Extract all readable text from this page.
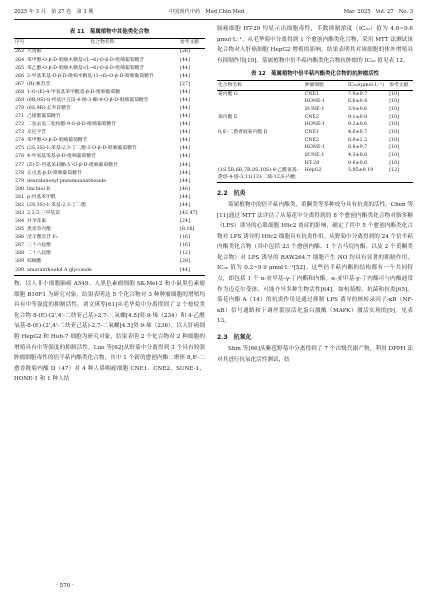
2025 年 3 月　第 27 卷　第 3 期	中国现代中药　Mod Chin Med	Mar. 2025　Vol. 27　No. 3
表 11　菊属植物中其他类化合物
序号	化合物名称	参考文献
263	大黄酚	[26]
264	苯甲醇-O-β-D-吡喃木糖基-(1→6)-O-β-D-吡喃葡萄糖苷	[44]
265	苯乙醇-O-β-D-吡喃木糖基-(1→6)-O-β-D-吡喃葡萄糖苷	[44]
266	2-甲基苯基-O-β-D-吡喃木糖基-(1→6)-O-β-D-吡喃葡萄糖苷	[44]
267	(R)-紫苏苷	[27]
268	1-O-(E)-4-甲氧基苯甲酰基-β-D-吡喃葡萄糖	[44]
269	(6R,9S)-8-羟基巨豆甾-4-烯-3-酮-9-O-β-D-吡喃葡萄糖苷	[44]
270	(6S,9R)-长寿花糖苷	[44]
271	己烯醛葡萄糖苷	[44]
272	二氢去氢二松柏醇-9-O-β-D-吡喃葡萄糖苷	[44]
273	京尼平苷	[44]
274	苯甲醇-O-β-D-吡喃葡萄糖苷	[44]
275	(2S,3S)-1-苯基-2,3-丁二醇-3-O-β-D-吡喃葡萄糖苷	[44]
276	4-甲氧基苯基-β-D-吡喃葡萄糖苷	[44]
277	(Z)-5'-羟基茉莉酮-5'-O-β-D-吡喃葡萄糖苷	[44]
278	正戊基-β-D-吡喃葡萄糖苷	[44]
279	dearabinosyl pneumonanthoside	[44]
280	linchiol B	[46]
281	p-羟基苯甲醛	[44]
282	(2S,3S)-1-苯基-2,3-丁二醇	[44]
283	2,3,5-三甲基萘	[42,47]
284	对伞花素	[24]
285	黑麦草内酯	[8,16]
286	淫羊藿次苷 F₂	[16]
287	三十六烷醇	[16]
288	二十八烷醇	[12]
289	棕榈酸	[28]
290	amaranthoidol A glycoside	[44]

物，以人非小细胞肺癌 A549、人黑色素瘤细胞 SK-Mel-2 和小鼠黑色素瘤细胞 B16F1 为研究对象，结果表明这 5 个化合物对 3 种肿瘤细胞的增殖均具有中等强度的抑制活性。刘文琪等[61]从毛华菊中分离得到了 2 个桉烷类化合物 8-(E)-(2',4'-二炔亚己基)-2,7-二氧螺[4.5]癸-9-烯（234）和 4-乙酰氧基-8-(E)-(2',4'-二炔亚己基)-2,7-二氧螺[4.5]癸-9-烯（236），以人肝癌细胞 HepG2 和 Huh-7 细胞为研究对象，结果表明 2 个化合物对 2 种细胞的增殖具有中等强度的抑制活性。Luo 等[62]从野菊中分离得到 3 个具有较强肿瘤细胞毒性的倍半萜内酯类化合物，其中 1 个新的愈创内酯二聚体 8,8'-二愈香既菊内酯 D（47）对 4 种人鼻咽癌细胞 CNE1、CNE2、SUNE-1、HONE-1 和 1 种人结

肠癌细胞 HT-29 均显示出细胞毒性，半数抑制浓度（IC₅₀）值为 4.6~9.6 μmol·L⁻¹。从毛华菊中分离得到 1 个愈创内酯类化合物，采用 MTT 法测试该化合物对人肝癌细胞 HepG2 增殖的影响，结果表明其对该细胞的体外增殖具有抑制作用[19]。菊属植物中倍半萜内酯类化合物抗肿瘤的 IC₅₀ 值见表 12。

表 12　菊属植物中倍半萜内酯类化合物的抗肿瘤活性
化合物名称	肿瘤细胞	IC₅₀/(μmol·L⁻¹)	参考文献
菊内酯 G	CNE1	7.9±0.7	[10]
	HONE-1	6.6±0.4	[10]
	SUNE-1	3.0±0.6	[10]
菊内酯 E	CNE2	9.1±0.8	[10]
	HONE-1	9.2±0.6	[10]
8,8'-二愈香既菊内酯 D	CNE1	4.6±0.7	[10]
	CNE2	6.0±1.2	[10]
	HONE-1	6.8±0.7	[10]
	SUNE-1	4.3±0.8	[10]
	HT-29	9.6±0.6	[10]
(1S,5R,6R,7R,8S,10S)-8-乙酰氧基-愈创-4-烯-3,11(13)-二烯-12,6-内酯	HepG2	5.95±0.19	[12]
2.2　抗炎

菊属植物中的倍半萜内酯类、黄酮类等多种成分具有抗炎的活性。Chen 等[11]通过 MTT 法评估了从菊花中分离得到的 8 个愈创内酯类化合物对脂多糖（LPS）诱导的心肌细胞 H9c2 炎症的影响，确定了其中 5 个愈创内酯类化合物对 LPS 诱导的 H9c2 细胞具有抗炎作用。从野菊中分离得到的 24 个倍半萜内酯类化合物（其中包括 23 个愈创内酯、1 个吉马烷内酯，以及 2 个黄酮类化合物）对 LPS 诱导的 RAW264.7 细胞产生 NO 均具有显著的抑制作用，IC₅₀ 值为 0.2~9.9 μmol·L⁻¹[52]。这些倍半萜内酯的结构都有一个共同特点，即包括 1 个 α-亚甲基-γ-丁内酯和内酯。α-亚甲基-γ-丁内酯可与内酯通常作为迈克尔受体，可能介导多种生物活性[64]。如杭菊醇、抗菌和抗炎[65]。菊花内酯 A（14）的抗炎作用是通过抑制 LPS 诱导的核转录因子-κB（NF-κB）信号通路和下调丝裂原活化蛋白激酶（MAPK）激活实现的[9]，见表 13。

2.3　抗氧化

Shin 等[66]从紫苞野菊中分离得到了 7 个次级代谢产物，利用 DPPH 法对其进行抗氧化活性测试，结

· 570 ·
